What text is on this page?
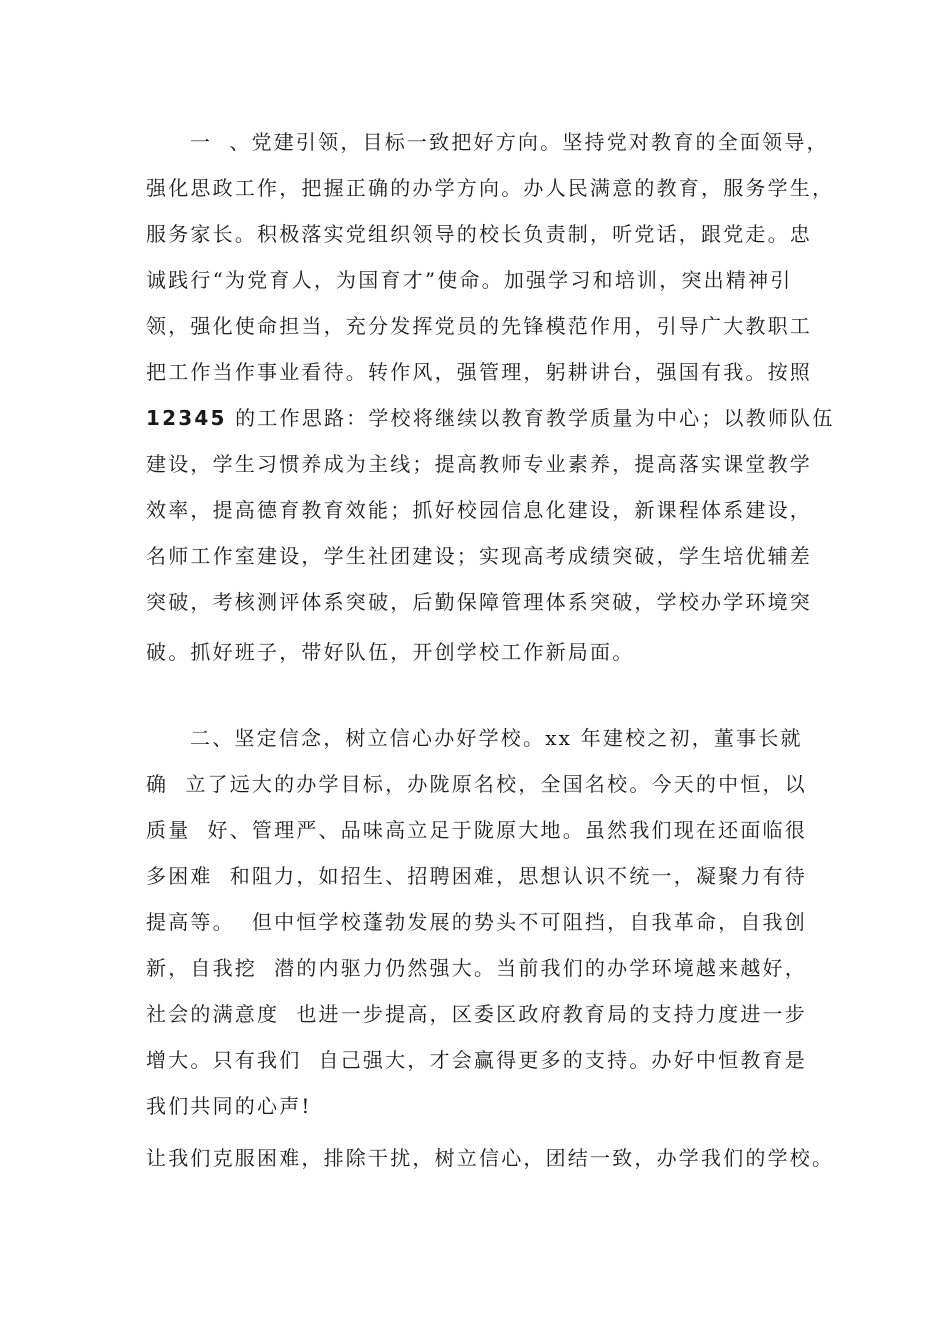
一  、党建引领，目标一致把好方向。坚持党对教育的全面领导，
强化思政工作，把握正确的办学方向。办人民满意的教育，服务学生，
服务家长。积极落实党组织领导的校长负责制，听党话，跟党走。忠
诚践行“为党育人，为国育才”使命。加强学习和培训，突出精神引
领，强化使命担当，充分发挥党员的先锋模范作用，引导广大教职工
把工作当作事业看待。转作风，强管理，躬耕讲台，强国有我。按照
12345 的工作思路：学校将继续以教育教学质量为中心；以教师队伍
建设，学生习惯养成为主线；提高教师专业素养，提高落实课堂教学
效率，提高德育教育效能；抓好校园信息化建设，新课程体系建设，
名师工作室建设，学生社团建设；实现高考成绩突破，学生培优辅差
突破，考核测评体系突破，后勤保障管理体系突破，学校办学环境突
破。抓好班子，带好队伍，开创学校工作新局面。
二、坚定信念，树立信心办好学校。xx 年建校之初，董事长就
确  立了远大的办学目标，办陇原名校，全国名校。今天的中恒，以
质量  好、管理严、品味高立足于陇原大地。虽然我们现在还面临很
多困难  和阻力，如招生、招聘困难，思想认识不统一，凝聚力有待
提高等。  但中恒学校蓬勃发展的势头不可阻挡，自我革命，自我创
新，自我挖  潜的内驱力仍然强大。当前我们的办学环境越来越好，
社会的满意度  也进一步提高，区委区政府教育局的支持力度进一步
增大。只有我们  自己强大，才会赢得更多的支持。办好中恒教育是
我们共同的心声!
让我们克服困难，排除干扰，树立信心，团结一致，办学我们的学校。
